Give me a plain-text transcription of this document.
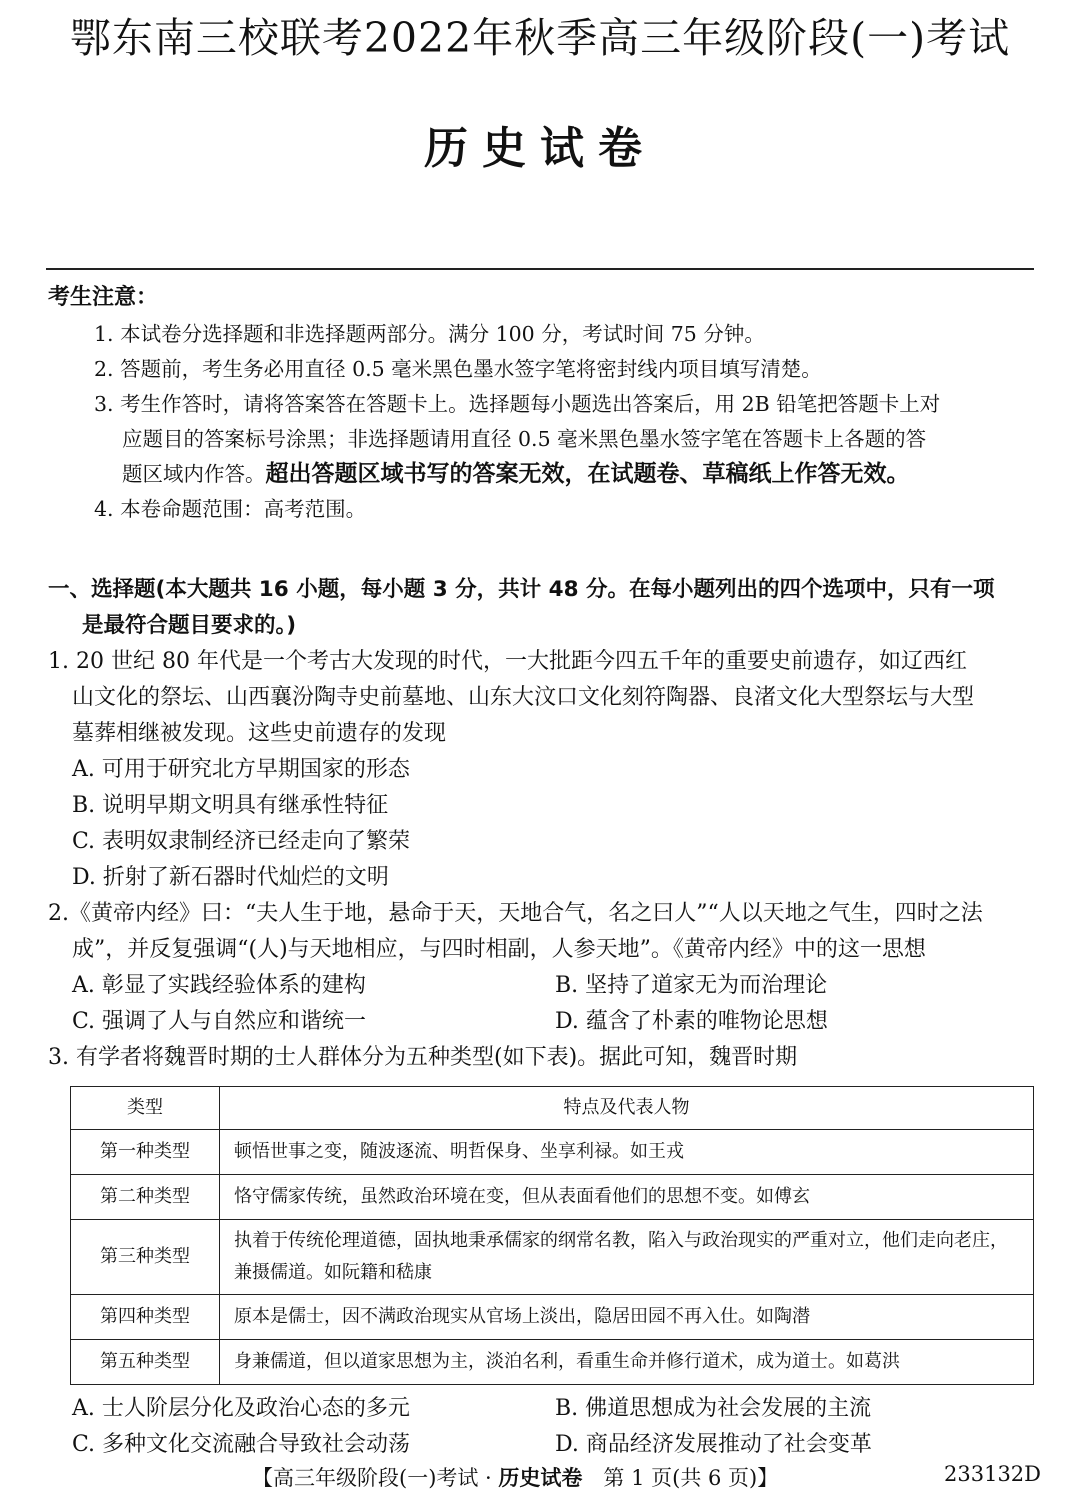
鄂东南三校联考2022年秋季高三年级阶段(一)考试
历史试卷
考生注意：
1. 本试卷分选择题和非选择题两部分。满分 100 分，考试时间 75 分钟。
2. 答题前，考生务必用直径 0.5 毫米黑色墨水签字笔将密封线内项目填写清楚。
3. 考生作答时，请将答案答在答题卡上。选择题每小题选出答案后，用 2B 铅笔把答题卡上对
应题目的答案标号涂黑；非选择题请用直径 0.5 毫米黑色墨水签字笔在答题卡上各题的答
题区域内作答。超出答题区域书写的答案无效，在试题卷、草稿纸上作答无效。
4. 本卷命题范围：高考范围。
一、选择题(本大题共 16 小题，每小题 3 分，共计 48 分。在每小题列出的四个选项中，只有一项
是最符合题目要求的。)
1. 20 世纪 80 年代是一个考古大发现的时代，一大批距今四五千年的重要史前遗存，如辽西红
山文化的祭坛、山西襄汾陶寺史前墓地、山东大汶口文化刻符陶器、良渚文化大型祭坛与大型
墓葬相继被发现。这些史前遗存的发现
A. 可用于研究北方早期国家的形态
B. 说明早期文明具有继承性特征
C. 表明奴隶制经济已经走向了繁荣
D. 折射了新石器时代灿烂的文明
2.《黄帝内经》曰：“夫人生于地，悬命于天，天地合气，名之曰人”“人以天地之气生，四时之法
成”，并反复强调“(人)与天地相应，与四时相副，人参天地”。《黄帝内经》中的这一思想
A. 彰显了实践经验体系的建构	B. 坚持了道家无为而治理论
C. 强调了人与自然应和谐统一	D. 蕴含了朴素的唯物论思想
3. 有学者将魏晋时期的士人群体分为五种类型(如下表)。据此可知，魏晋时期
类型	特点及代表人物
第一种类型	顿悟世事之变，随波逐流、明哲保身、坐享利禄。如王戎
第二种类型	恪守儒家传统，虽然政治环境在变，但从表面看他们的思想不变。如傅玄
第三种类型	执着于传统伦理道德，固执地秉承儒家的纲常名教，陷入与政治现实的严重对立，他们走向老庄，兼摄儒道。如阮籍和嵇康
第四种类型	原本是儒士，因不满政治现实从官场上淡出，隐居田园不再入仕。如陶潜
第五种类型	身兼儒道，但以道家思想为主，淡泊名利，看重生命并修行道术，成为道士。如葛洪
A. 士人阶层分化及政治心态的多元	B. 佛道思想成为社会发展的主流
C. 多种文化交流融合导致社会动荡	D. 商品经济发展推动了社会变革
【高三年级阶段(一)考试 · 历史试卷　第 1 页(共 6 页)】	233132D
